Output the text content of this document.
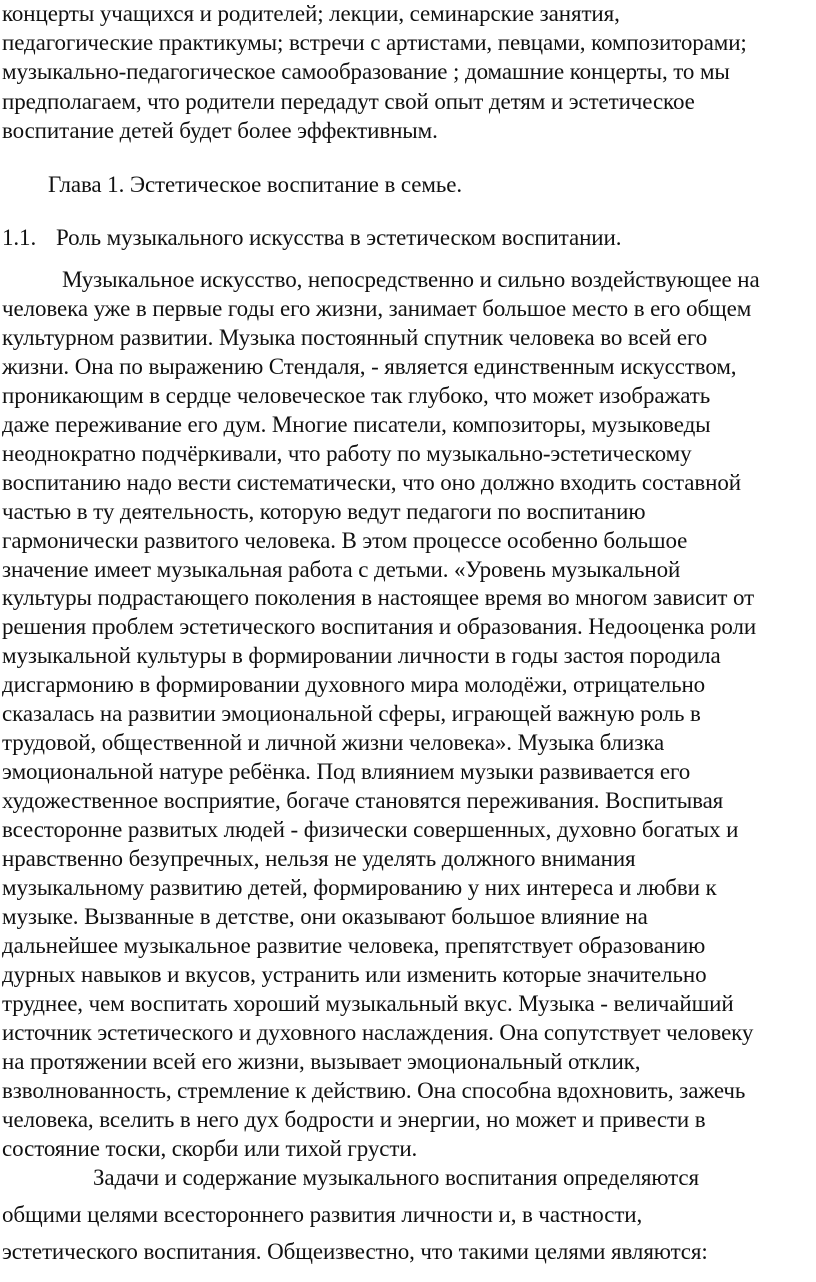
концерты учащихся и родителей; лекции, семинарские занятия,
педагогические практикумы; встречи с артистами, певцами, композиторами;
музыкально-педагогическое самообразование ; домашние концерты, то мы
предполагаем, что родители передадут свой опыт детям и эстетическое
воспитание детей будет более эффективным.
Глава 1. Эстетическое воспитание в семье.
1.1. Роль музыкального искусства в эстетическом воспитании.
Музыкальное искусство, непосредственно и сильно воздействующее на
человека уже в первые годы его жизни, занимает большое место в его общем
культурном развитии. Музыка постоянный спутник человека во всей его
жизни. Она по выражению Стендаля, - является единственным искусством,
проникающим в сердце человеческое так глубоко, что может изображать
даже переживание его дум. Многие писатели, композиторы, музыковеды
неоднократно подчёркивали, что работу по музыкально-эстетическому
воспитанию надо вести систематически, что оно должно входить составной
частью в ту деятельность, которую ведут педагоги по воспитанию
гармонически развитого человека. В этом процессе особенно большое
значение имеет музыкальная работа с детьми. «Уровень музыкальной
культуры подрастающего поколения в настоящее время во многом зависит от
решения проблем эстетического воспитания и образования. Недооценка роли
музыкальной культуры в формировании личности в годы застоя породила
дисгармонию в формировании духовного мира молодёжи, отрицательно
сказалась на развитии эмоциональной сферы, играющей важную роль в
трудовой, общественной и личной жизни человека». Музыка близка
эмоциональной натуре ребёнка. Под влиянием музыки развивается его
художественное восприятие, богаче становятся переживания. Воспитывая
всесторонне развитых людей - физически совершенных, духовно богатых и
нравственно безупречных, нельзя не уделять должного внимания
музыкальному развитию детей, формированию у них интереса и любви к
музыке. Вызванные в детстве, они оказывают большое влияние на
дальнейшее музыкальное развитие человека, препятствует образованию
дурных навыков и вкусов, устранить или изменить которые значительно
труднее, чем воспитать хороший музыкальный вкус. Музыка - величайший
источник эстетического и духовного наслаждения. Она сопутствует человеку
на протяжении всей его жизни, вызывает эмоциональный отклик,
взволнованность, стремление к действию. Она способна вдохновить, зажечь
человека, вселить в него дух бодрости и энергии, но может и привести в
состояние тоски, скорби или тихой грусти.
Задачи и содержание музыкального воспитания определяются
общими целями всестороннего развития личности и, в частности,
эстетического воспитания. Общеизвестно, что такими целями являются:
